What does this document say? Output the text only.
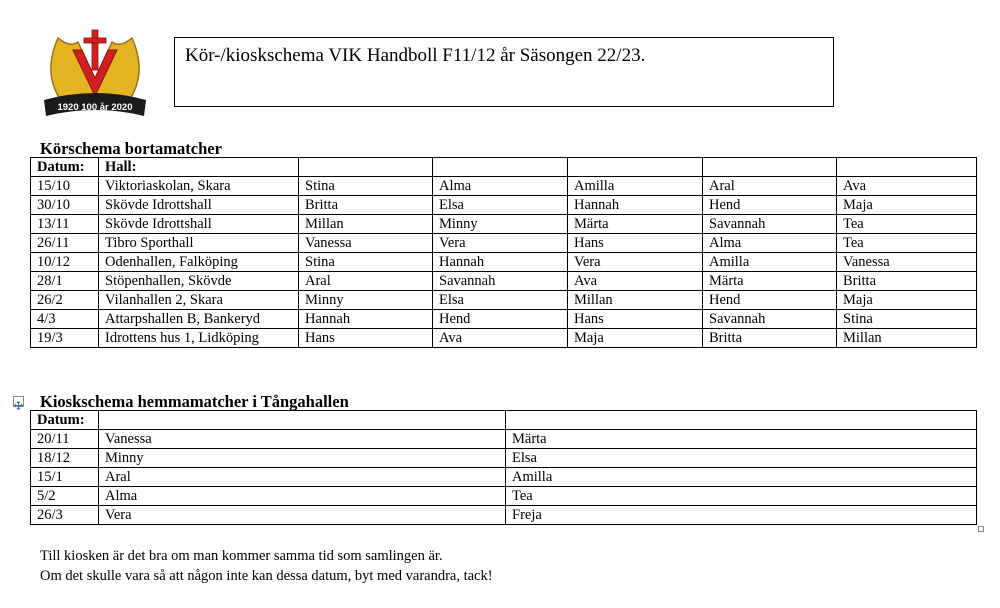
1920 100 år 2020
Kör-/kioskschema VIK Handboll F11/12 år Säsongen 22/23.
Körschema bortamatcher
Datum:	Hall:					
15/10	Viktoriaskolan, Skara	Stina	Alma	Amilla	Aral	Ava
30/10	Skövde Idrottshall	Britta	Elsa	Hannah	Hend	Maja
13/11	Skövde Idrottshall	Millan	Minny	Märta	Savannah	Tea
26/11	Tibro Sporthall	Vanessa	Vera	Hans	Alma	Tea
10/12	Odenhallen, Falköping	Stina	Hannah	Vera	Amilla	Vanessa
28/1	Stöpenhallen, Skövde	Aral	Savannah	Ava	Märta	Britta
26/2	Vilanhallen 2, Skara	Minny	Elsa	Millan	Hend	Maja
4/3	Attarpshallen B, Bankeryd	Hannah	Hend	Hans	Savannah	Stina
19/3	Idrottens hus 1, Lidköping	Hans	Ava	Maja	Britta	Millan
Kioskschema hemmamatcher i Tångahallen
Datum:		
20/11	Vanessa	Märta
18/12	Minny	Elsa
15/1	Aral	Amilla
5/2	Alma	Tea
26/3	Vera	Freja
Till kiosken är det bra om man kommer samma tid som samlingen är.
Om det skulle vara så att någon inte kan dessa datum, byt med varandra, tack!
